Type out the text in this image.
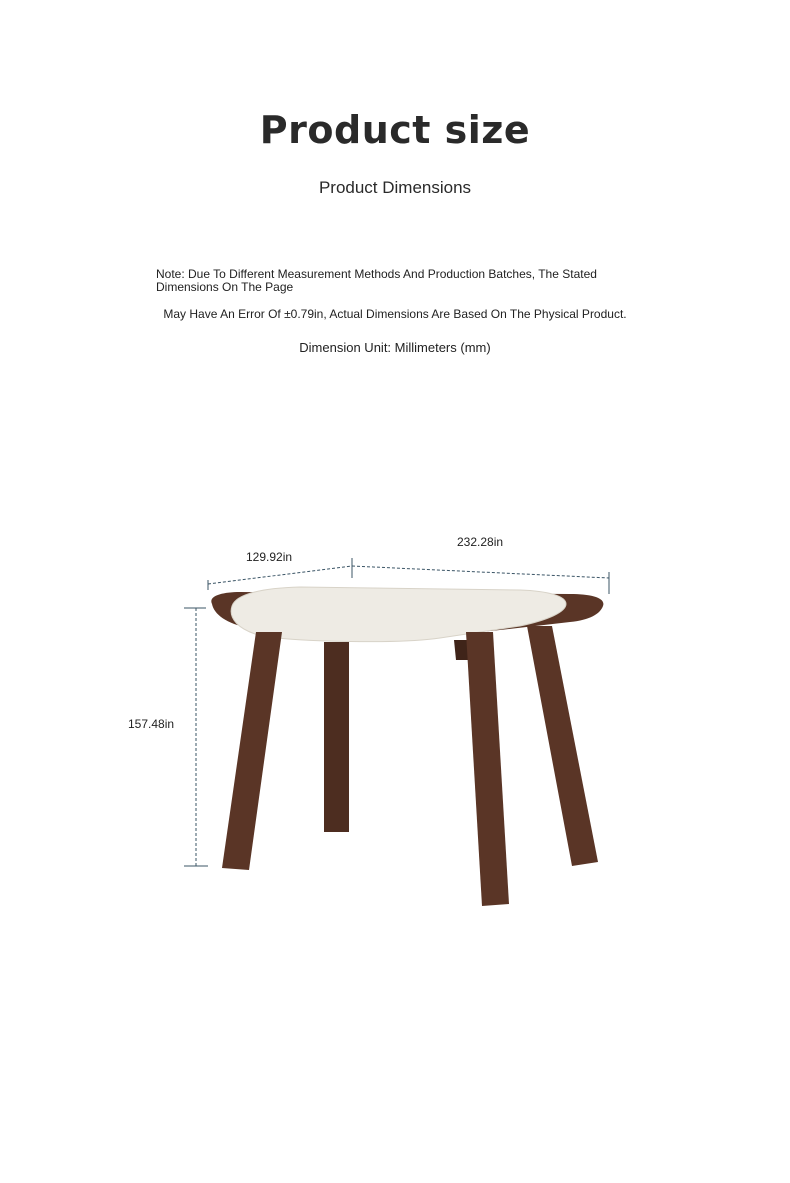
Product size
Product Dimensions
Note: Due To Different Measurement Methods And Production Batches, The Stated Dimensions On The Page
May Have An Error Of ±0.79in, Actual Dimensions Are Based On The Physical Product.
Dimension Unit: Millimeters (mm)
129.92in
232.28in
157.48in
